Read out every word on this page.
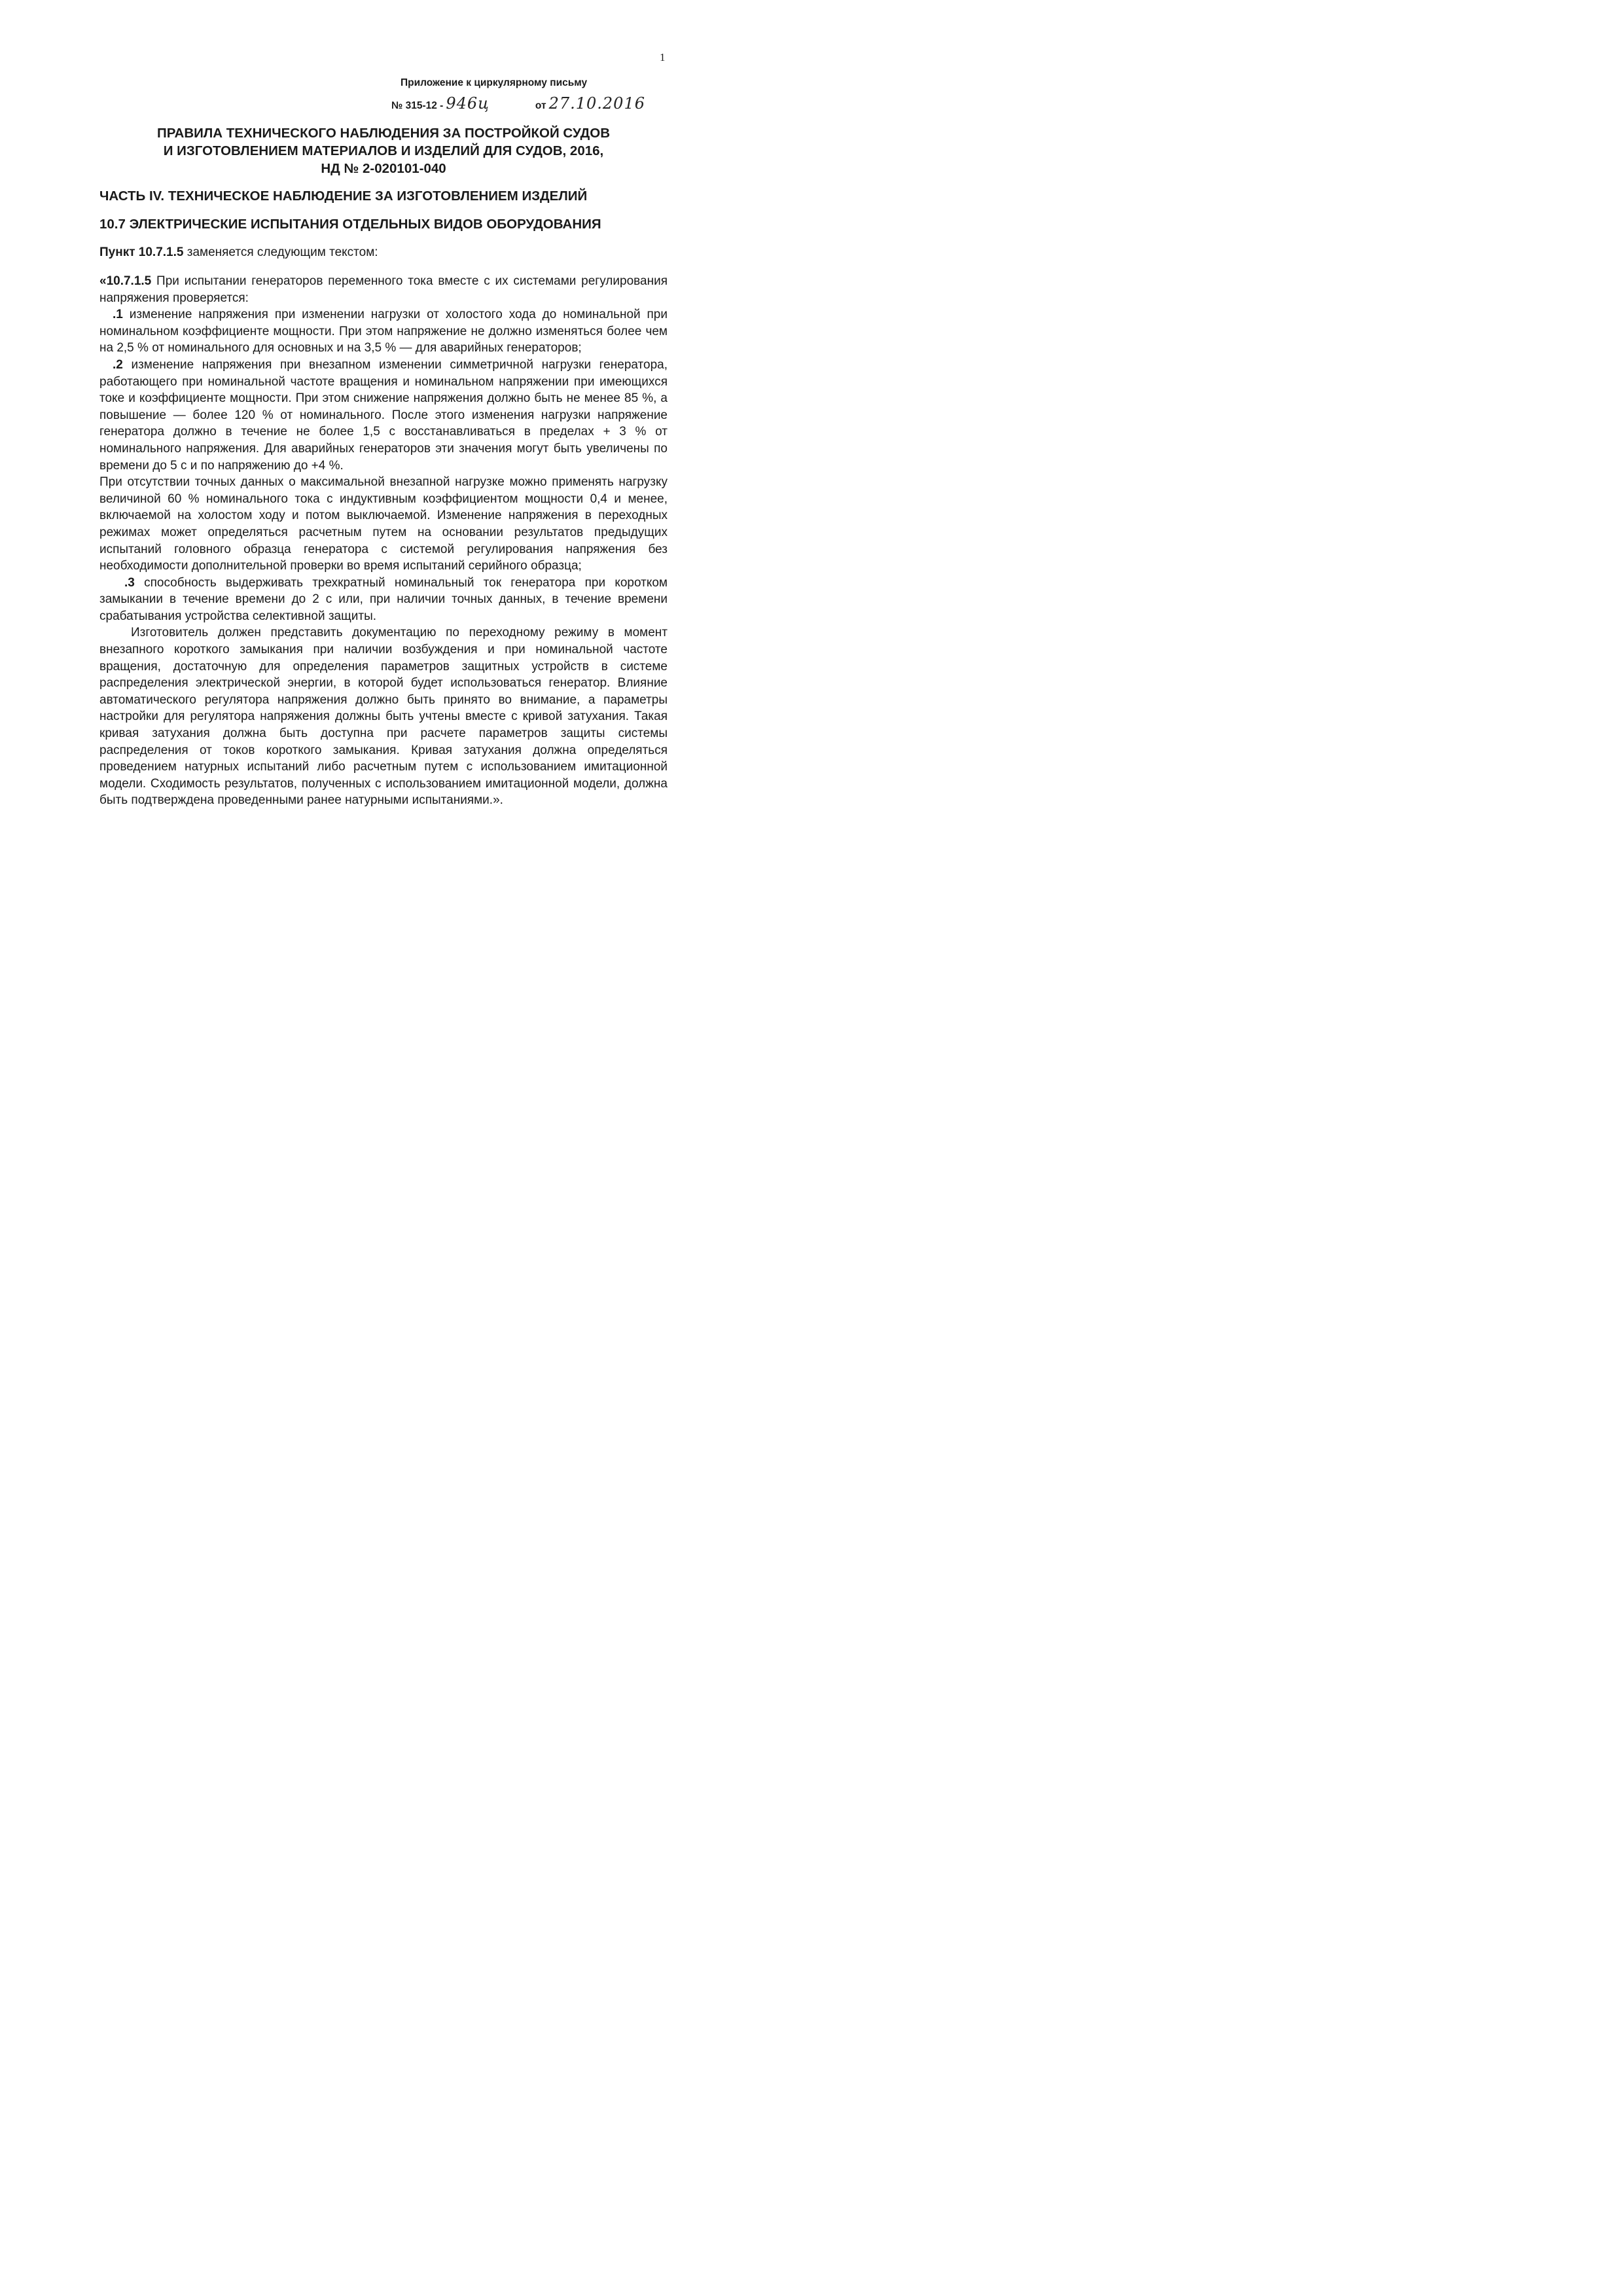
1
Приложение к циркулярному письму
№ 315-12 - 946ц	от 27.10.2016
ПРАВИЛА ТЕХНИЧЕСКОГО НАБЛЮДЕНИЯ ЗА ПОСТРОЙКОЙ СУДОВ
И ИЗГОТОВЛЕНИЕМ МАТЕРИАЛОВ И ИЗДЕЛИЙ ДЛЯ СУДОВ, 2016,
НД № 2-020101-040
ЧАСТЬ IV. ТЕХНИЧЕСКОЕ НАБЛЮДЕНИЕ ЗА ИЗГОТОВЛЕНИЕМ ИЗДЕЛИЙ
10.7 ЭЛЕКТРИЧЕСКИЕ ИСПЫТАНИЯ ОТДЕЛЬНЫХ ВИДОВ ОБОРУДОВАНИЯ
Пункт 10.7.1.5 заменяется следующим текстом:

«10.7.1.5 При испытании генераторов переменного тока вместе с их системами регулирования напряжения проверяется:

.1 изменение напряжения при изменении нагрузки от холостого хода до номинальной при номинальном коэффициенте мощности. При этом напряжение не должно изменяться более чем на 2,5 % от номинального для основных и на 3,5 % — для аварийных генераторов;

.2 изменение напряжения при внезапном изменении симметричной нагрузки генератора, работающего при номинальной частоте вращения и номинальном напряжении при имеющихся токе и коэффициенте мощности. При этом снижение напряжения должно быть не менее 85 %, а повышение — более 120 % от номинального. После этого изменения нагрузки напряжение генератора должно в течение не более 1,5 с восстанавливаться в пределах + 3 % от номинального напряжения. Для аварийных генераторов эти значения могут быть увеличены по времени до 5 с и по напряжению до +4 %.

При отсутствии точных данных о максимальной внезапной нагрузке можно применять нагрузку величиной 60 % номинального тока с индуктивным коэффициентом мощности 0,4 и менее, включаемой на холостом ходу и потом выключаемой. Изменение напряжения в переходных режимах может определяться расчетным путем на основании результатов предыдущих испытаний головного образца генератора с системой регулирования напряжения без необходимости дополнительной проверки во время испытаний серийного образца;

.3 способность выдерживать трехкратный номинальный ток генератора при коротком замыкании в течение времени до 2 с или, при наличии точных данных, в течение времени срабатывания устройства селективной защиты.

Изготовитель должен представить документацию по переходному режиму в момент внезапного короткого замыкания при наличии возбуждения и при номинальной частоте вращения, достаточную для определения параметров защитных устройств в системе распределения электрической энергии, в которой будет использоваться генератор. Влияние автоматического регулятора напряжения должно быть принято во внимание, а параметры настройки для регулятора напряжения должны быть учтены вместе с кривой затухания. Такая кривая затухания должна быть доступна при расчете параметров защиты системы распределения от токов короткого замыкания. Кривая затухания должна определяться проведением натурных испытаний либо расчетным путем с использованием имитационной модели. Сходимость результатов, полученных с использованием имитационной модели, должна быть подтверждена проведенными ранее натурными испытаниями.».
